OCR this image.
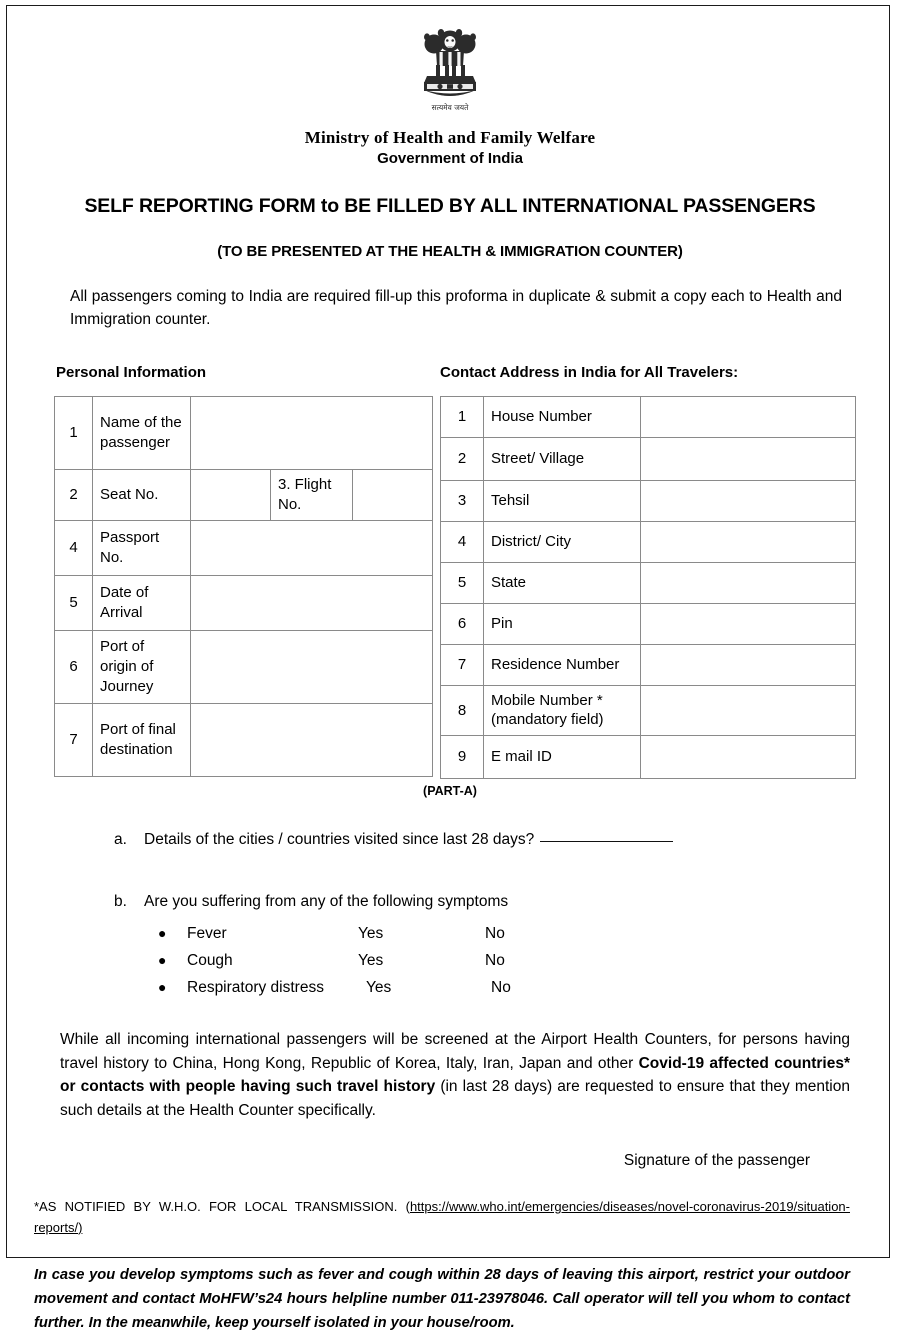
सत्यमेव जयते
Ministry of Health and Family Welfare
Government of India
SELF REPORTING FORM to BE FILLED BY ALL INTERNATIONAL PASSENGERS
(TO BE PRESENTED AT THE HEALTH & IMMIGRATION COUNTER)
All passengers coming to India are required fill-up this proforma in duplicate & submit a copy each to Health and Immigration counter.
Personal Information	Contact Address in India for All Travelers:
1	Name of the passenger			
2	Seat No.		3. Flight No.	
4	Passport No.			
5	Date of Arrival			
6	Port of origin of Journey			
7	Port of final destination			
1	House Number	
2	Street/ Village	
3	Tehsil	
4	District/ City	
5	State	
6	Pin	
7	Residence Number	
8	Mobile Number * (mandatory field)	
9	E mail ID	
(PART-A)
a. Details of the cities / countries visited since last 28 days?
b. Are you suffering from any of the following symptoms
● Fever	Yes	No
● Cough	Yes	No
● Respiratory distress	Yes	No
While all incoming international passengers will be screened at the Airport Health Counters, for persons having travel history to China, Hong Kong, Republic of Korea, Italy, Iran, Japan and other Covid-19 affected countries* or contacts with people having such travel history (in last 28 days) are requested to ensure that they mention such details at the Health Counter specifically.
Signature of the passenger
*AS NOTIFIED BY W.H.O. FOR LOCAL TRANSMISSION. (https://www.who.int/emergencies/diseases/novel-coronavirus-2019/situation-reports/)
In case you develop symptoms such as fever and cough within 28 days of leaving this airport, restrict your outdoor movement and contact MoHFW’s24 hours helpline number 011-23978046. Call operator will tell you whom to contact further. In the meanwhile, keep yourself isolated in your house/room.
